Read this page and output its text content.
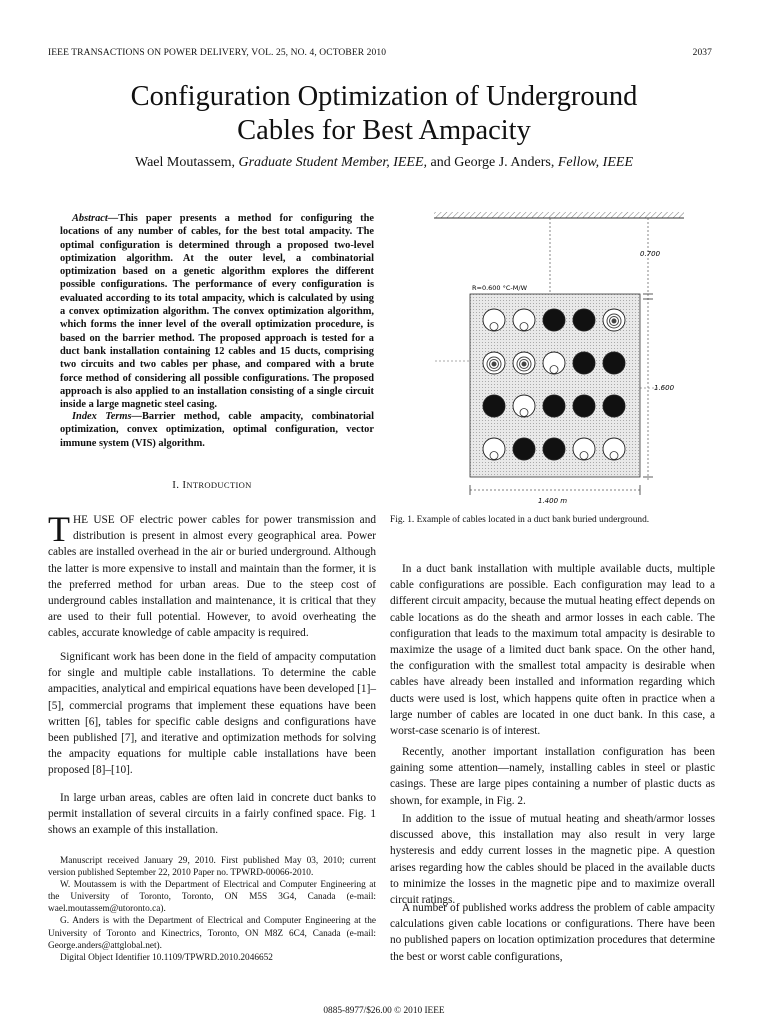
IEEE TRANSACTIONS ON POWER DELIVERY, VOL. 25, NO. 4, OCTOBER 2010	2037
Configuration Optimization of Underground
Cables for Best Ampacity
Wael Moutassem, Graduate Student Member, IEEE, and George J. Anders, Fellow, IEEE

Abstract—This paper presents a method for configuring the locations of any number of cables, for the best total ampacity. The optimal configuration is determined through a proposed two-level optimization algorithm. At the outer level, a combinatorial optimization based on a genetic algorithm explores the different possible configurations. The performance of every configuration is evaluated according to its total ampacity, which is calculated by using a convex optimization algorithm. The convex optimization algorithm, which forms the inner level of the overall optimization procedure, is based on the barrier method. The proposed approach is tested for a duct bank installation containing 12 cables and 15 ducts, comprising two circuits and two cables per phase, and compared with a brute force method of considering all possible configurations. The proposed approach is also applied to an installation consisting of a single circuit inside a large magnetic steel casing.

Index Terms—Barrier method, cable ampacity, combinatorial optimization, convex optimization, optimal configuration, vector immune system (VIS) algorithm.

I. INTRODUCTION
THE USE OF electric power cables for power transmission and distribution is present in almost every geographical area. Power cables are installed overhead in the air or buried underground. Although the latter is more expensive to install and maintain than the former, it is the preferred method for urban areas. Due to the steep cost of underground cables installation and maintenance, it is critical that they are used to their full potential. However, to avoid overheating the cables, accurate knowledge of cable ampacity is required.

Significant work has been done in the field of ampacity computation for single and multiple cable installations. To determine the cable ampacities, analytical and empirical equations have been developed [1]–[5], commercial programs that implement these equations have been written [6], tables for specific cable designs and configurations have been published [7], and iterative and optimization methods for solving the ampacity equations for multiple cable installations have been proposed [8]–[10].

In large urban areas, cables are often laid in concrete duct banks to permit installation of several circuits in a fairly confined space. Fig. 1 shows an example of this installation.

Manuscript received January 29, 2010. First published May 03, 2010; current version published September 22, 2010 Paper no. TPWRD-00066-2010.

W. Moutassem is with the Department of Electrical and Computer Engineering at the University of Toronto, Toronto, ON M5S 3G4, Canada (e-mail: wael.moutassem@utoronto.ca).

G. Anders is with the Department of Electrical and Computer Engineering at the University of Toronto and Kinectrics, Toronto, ON M8Z 6C4, Canada (e-mail: George.anders@attglobal.net).

Digital Object Identifier 10.1109/TPWRD.2010.2046652

0.700
1.600
R=0.600 °C-M/W
1.400 m
Fig. 1. Example of cables located in a duct bank buried underground.

In a duct bank installation with multiple available ducts, multiple cable configurations are possible. Each configuration may lead to a different circuit ampacity, because the mutual heating effect depends on cable locations as do the sheath and armor losses in each cable. The configuration that leads to the maximum total ampacity is desirable to maximize the usage of a limited duct bank space. On the other hand, the configuration with the smallest total ampacity is desirable when cables have already been installed and information regarding which ducts were used is lost, which happens quite often in practice when a large number of cables are located in one duct bank. In this case, a worst-case scenario is of interest.

Recently, another important installation configuration has been gaining some attention—namely, installing cables in steel or plastic casings. These are large pipes containing a number of plastic ducts as shown, for example, in Fig. 2.

In addition to the issue of mutual heating and sheath/armor losses discussed above, this installation may also result in very large hysteresis and eddy current losses in the magnetic pipe. A question arises regarding how the cables should be placed in the available ducts to minimize the losses in the magnetic pipe and to maximize overall circuit ratings.

A number of published works address the problem of cable ampacity calculations given cable locations or configurations. There have been no published papers on location optimization procedures that determine the best or worst cable configurations,

0885-8977/$26.00 © 2010 IEEE
